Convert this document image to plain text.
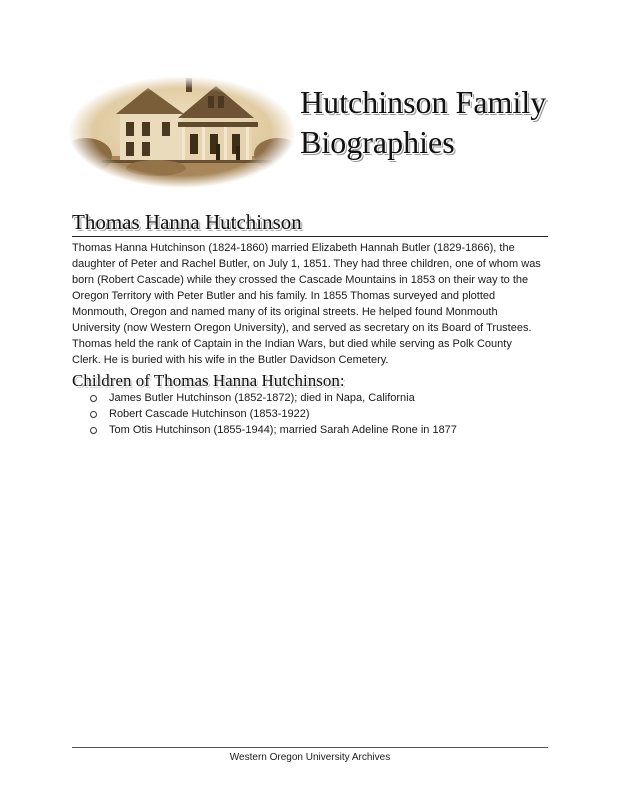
Hutchinson Family
Biographies
Thomas Hanna Hutchinson

Thomas Hanna Hutchinson (1824-1860) married Elizabeth Hannah Butler (1829-1866), the
daughter of Peter and Rachel Butler, on July 1, 1851. They had three children, one of whom was
born (Robert Cascade) while they crossed the Cascade Mountains in 1853 on their way to the
Oregon Territory with Peter Butler and his family. In 1855 Thomas surveyed and plotted
Monmouth, Oregon and named many of its original streets. He helped found Monmouth
University (now Western Oregon University), and served as secretary on its Board of Trustees.
Thomas held the rank of Captain in the Indian Wars, but died while serving as Polk County
Clerk. He is buried with his wife in the Butler Davidson Cemetery.

Children of Thomas Hanna Hutchinson:
James Butler Hutchinson (1852-1872); died in Napa, California
Robert Cascade Hutchinson (1853-1922)
Tom Otis Hutchinson (1855-1944); married Sarah Adeline Rone in 1877
Western Oregon University Archives
